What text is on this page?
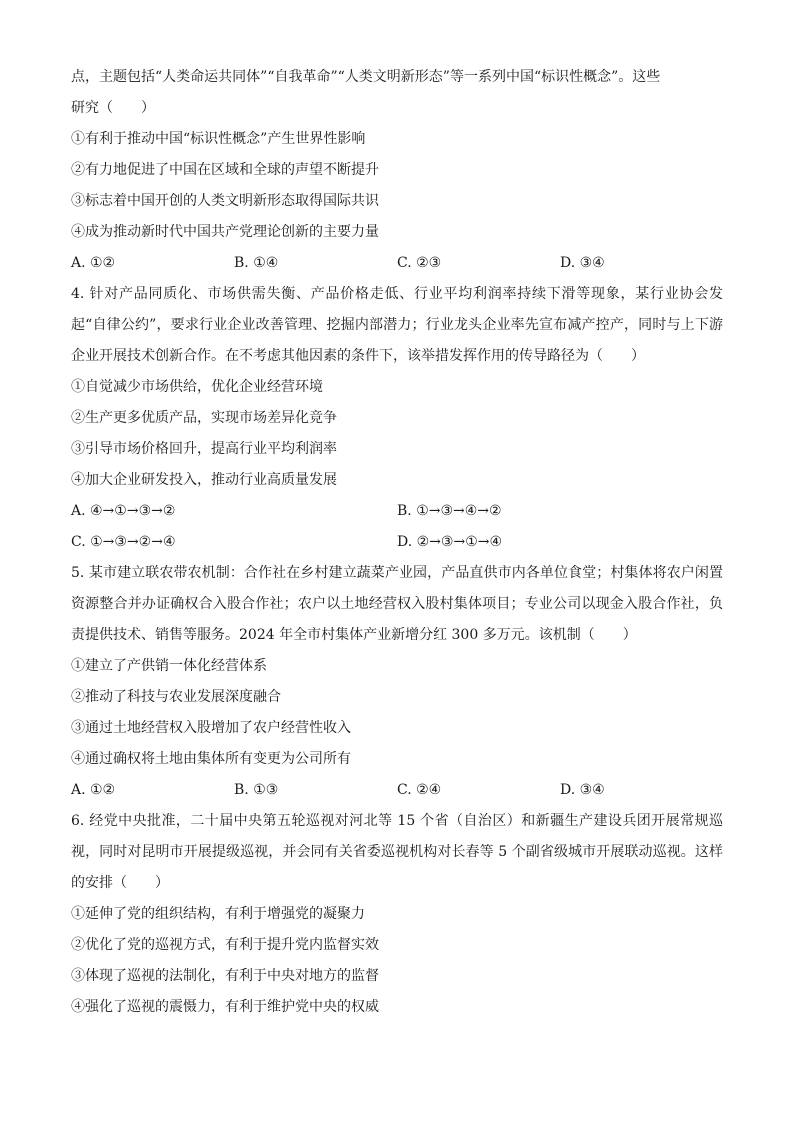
点，主题包括“人类命运共同体”“自我革命”“人类文明新形态”等一系列中国“标识性概念”。这些

研究（　　）

①有利于推动中国“标识性概念”产生世界性影响

②有力地促进了中国在区域和全球的声望不断提升

③标志着中国开创的人类文明新形态取得国际共识

④成为推动新时代中国共产党理论创新的主要力量

A. ①②	B. ①④	C. ②③	D. ③④

4. 针对产品同质化、市场供需失衡、产品价格走低、行业平均利润率持续下滑等现象，某行业协会发起“自律公约”，要求行业企业改善管理、挖掘内部潜力；行业龙头企业率先宣布减产控产，同时与上下游企业开展技术创新合作。在不考虑其他因素的条件下，该举措发挥作用的传导路径为（　　）

①自觉减少市场供给，优化企业经营环境

②生产更多优质产品，实现市场差异化竞争

③引导市场价格回升，提高行业平均利润率

④加大企业研发投入，推动行业高质量发展

A. ④→①→③→②	B. ①→③→④→②
C. ①→③→②→④	D. ②→③→①→④

5. 某市建立联农带农机制：合作社在乡村建立蔬菜产业园，产品直供市内各单位食堂；村集体将农户闲置资源整合并办证确权合入股合作社；农户以土地经营权入股村集体项目；专业公司以现金入股合作社，负责提供技术、销售等服务。2024 年全市村集体产业新增分红 300 多万元。该机制（　　）

①建立了产供销一体化经营体系

②推动了科技与农业发展深度融合

③通过土地经营权入股增加了农户经营性收入

④通过确权将土地由集体所有变更为公司所有

A. ①②	B. ①③	C. ②④	D. ③④

6. 经党中央批准，二十届中央第五轮巡视对河北等 15 个省（自治区）和新疆生产建设兵团开展常规巡视，同时对昆明市开展提级巡视，并会同有关省委巡视机构对长春等 5 个副省级城市开展联动巡视。这样的安排（　　）

①延伸了党的组织结构，有利于增强党的凝聚力

②优化了党的巡视方式，有利于提升党内监督实效

③体现了巡视的法制化，有利于中央对地方的监督

④强化了巡视的震慑力，有利于维护党中央的权威
